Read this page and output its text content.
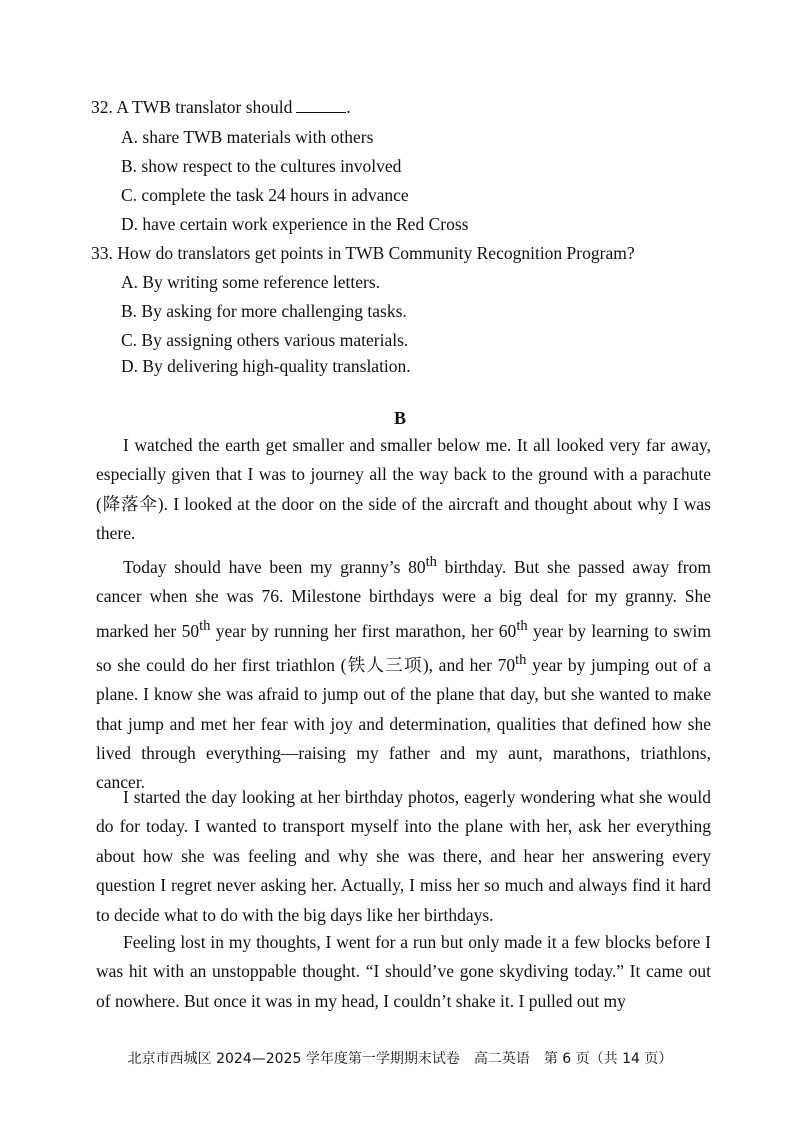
32. A TWB translator should	.
A. share TWB materials with others
B. show respect to the cultures involved
C. complete the task 24 hours in advance
D. have certain work experience in the Red Cross
33. How do translators get points in TWB Community Recognition Program?
A. By writing some reference letters.
B. By asking for more challenging tasks.
C. By assigning others various materials.
D. By delivering high-quality translation.
B

I watched the earth get smaller and smaller below me. It all looked very far away, especially given that I was to journey all the way back to the ground with a parachute (降落伞). I looked at the door on the side of the aircraft and thought about why I was there.

Today should have been my granny’s 80th birthday. But she passed away from cancer when she was 76. Milestone birthdays were a big deal for my granny. She marked her 50th year by running her first marathon, her 60th year by learning to swim so she could do her first triathlon (铁人三项), and her 70th year by jumping out of a plane. I know she was afraid to jump out of the plane that day, but she wanted to make that jump and met her fear with joy and determination, qualities that defined how she lived through everything—raising my father and my aunt, marathons, triathlons, cancer.

I started the day looking at her birthday photos, eagerly wondering what she would do for today. I wanted to transport myself into the plane with her, ask her everything about how she was feeling and why she was there, and hear her answering every question I regret never asking her. Actually, I miss her so much and always find it hard to decide what to do with the big days like her birthdays.

Feeling lost in my thoughts, I went for a run but only made it a few blocks before I was hit with an unstoppable thought. “I should’ve gone skydiving today.” It came out of nowhere. But once it was in my head, I couldn’t shake it. I pulled out my

北京市西城区 2024—2025 学年度第一学期期末试卷　高二英语　第 6 页（共 14 页）
